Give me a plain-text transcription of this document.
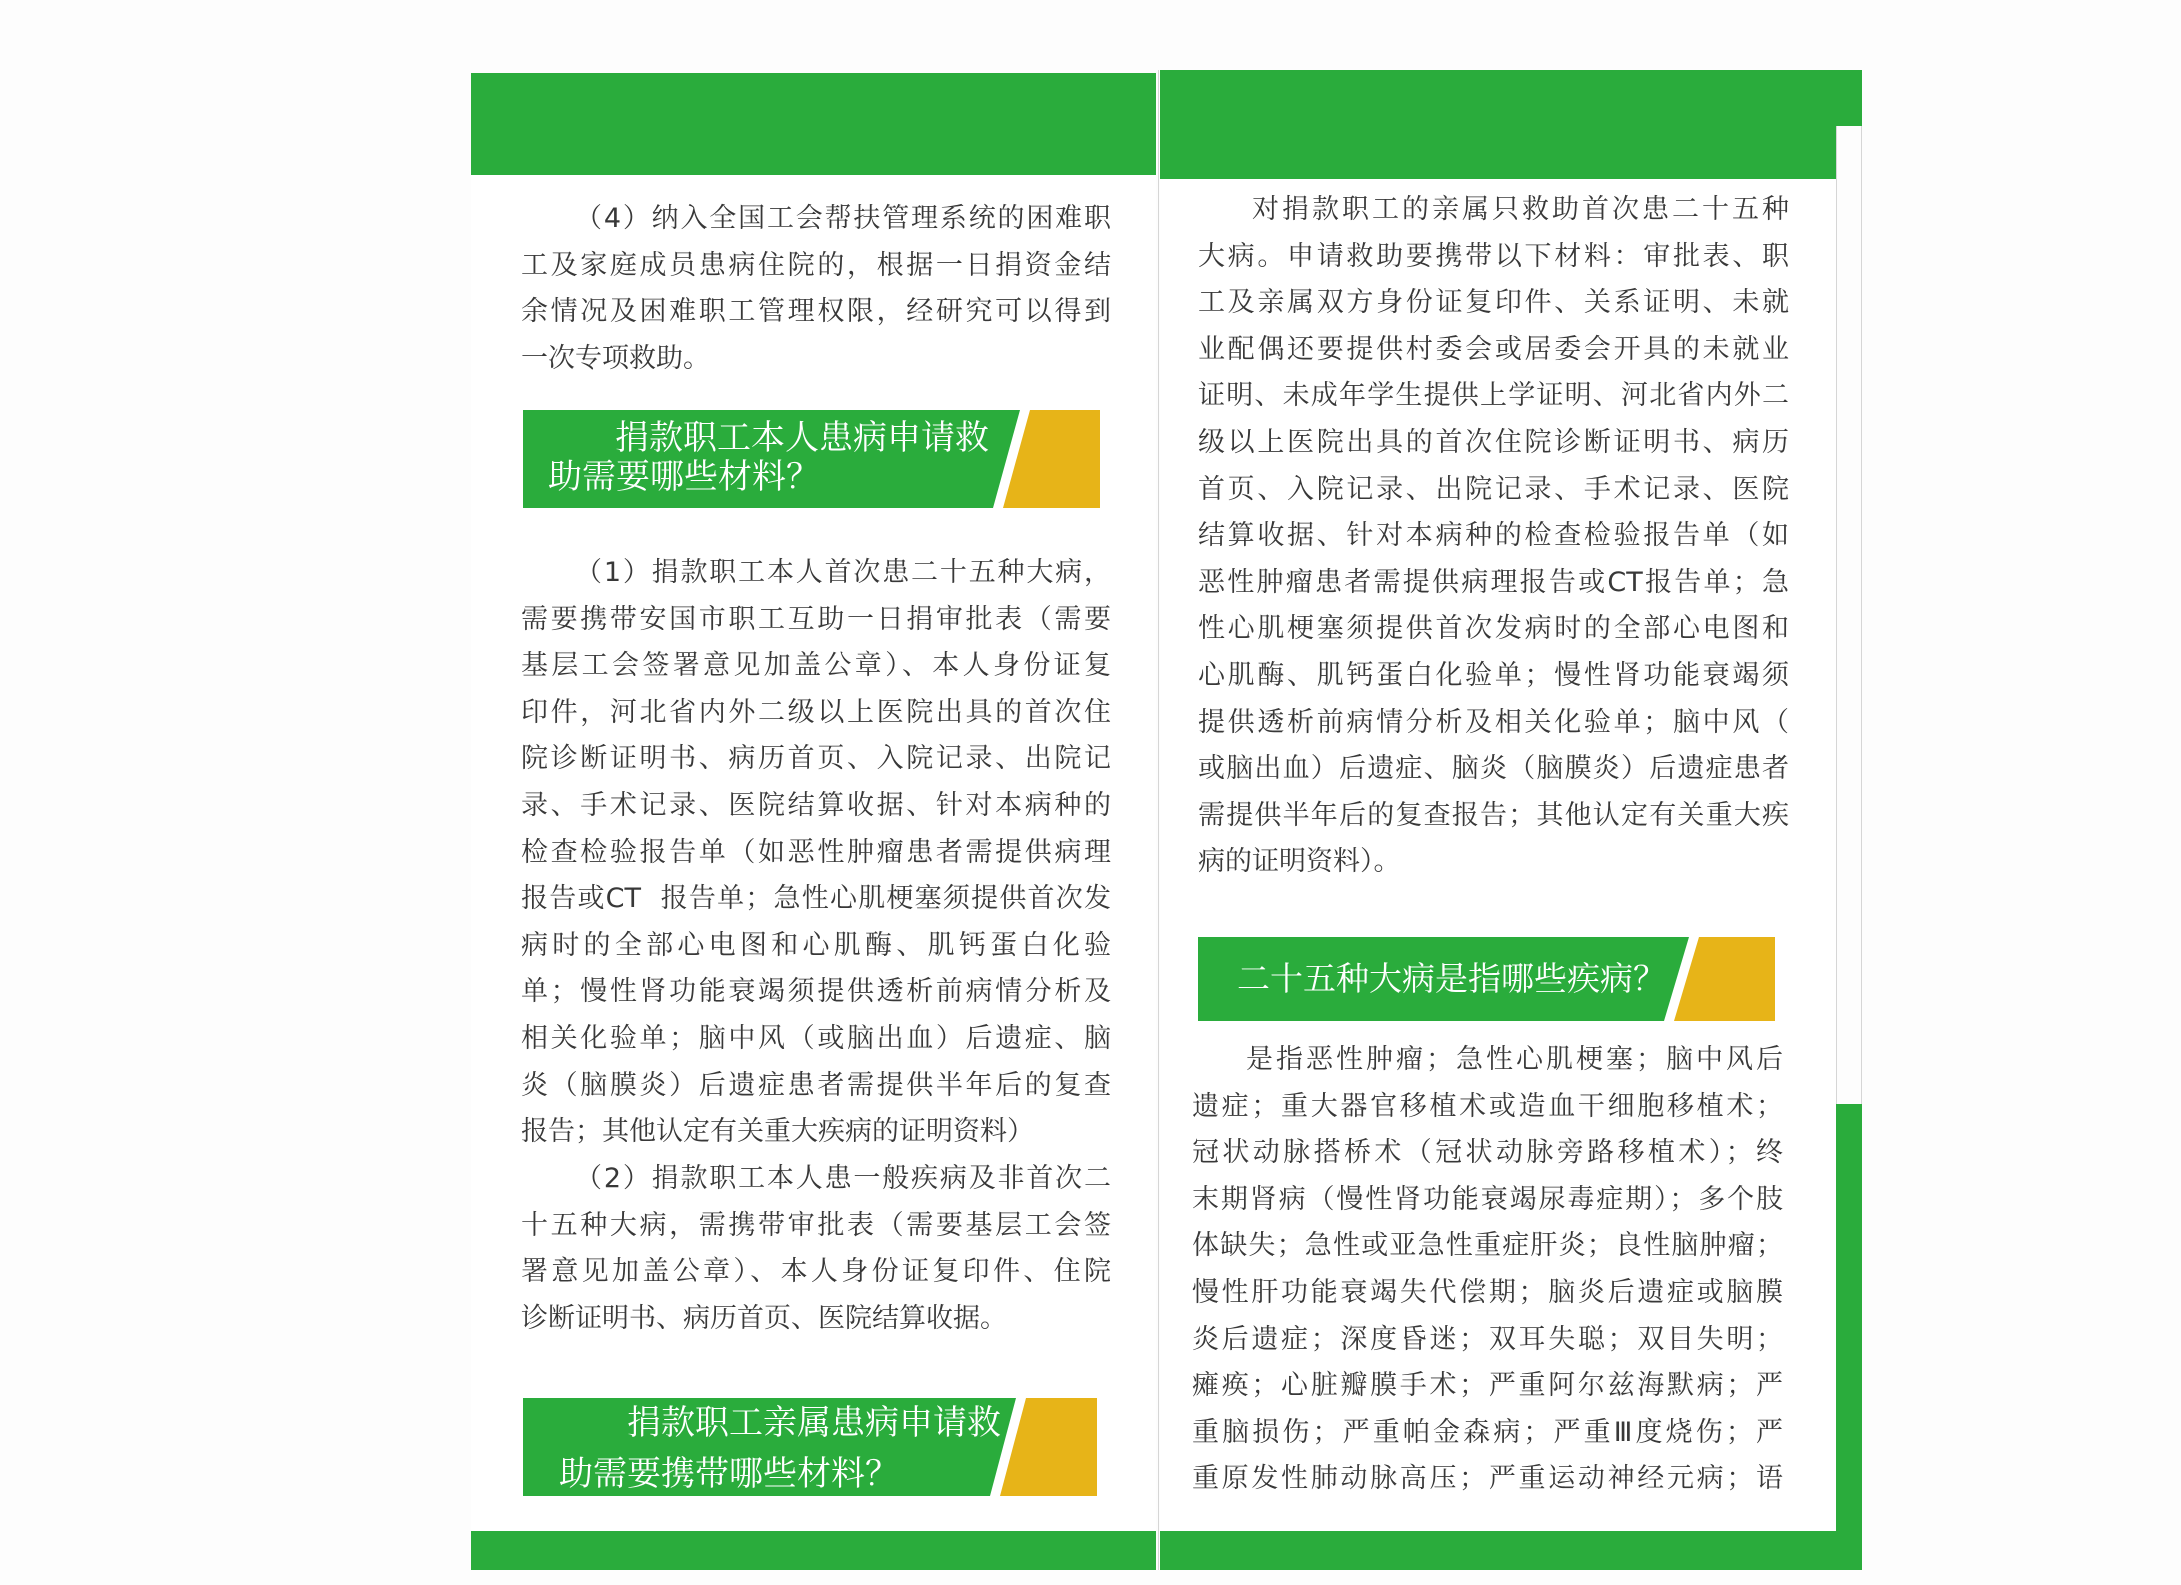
（4）纳入全国工会帮扶管理系统的困难职
工及家庭成员患病住院的，根据一日捐资金结
余情况及困难职工管理权限，经研究可以得到
一次专项救助。
捐款职工本人患病申请救
助需要哪些材料？
（1）捐款职工本人首次患二十五种大病，
需要携带安国市职工互助一日捐审批表（需要
基层工会签署意见加盖公章）、本人身份证复
印件，河北省内外二级以上医院出具的首次住
院诊断证明书、病历首页、入院记录、出院记
录、手术记录、医院结算收据、针对本病种的
检查检验报告单（如恶性肿瘤患者需提供病理
报告或CT  报告单；急性心肌梗塞须提供首次发
病时的全部心电图和心肌酶、肌钙蛋白化验
单；慢性肾功能衰竭须提供透析前病情分析及
相关化验单；脑中风（或脑出血）后遗症、脑
炎（脑膜炎）后遗症患者需提供半年后的复查
报告；其他认定有关重大疾病的证明资料）
（2）捐款职工本人患一般疾病及非首次二
十五种大病，需携带审批表（需要基层工会签
署意见加盖公章）、本人身份证复印件、住院
诊断证明书、病历首页、医院结算收据。
捐款职工亲属患病申请救
助需要携带哪些材料？
对捐款职工的亲属只救助首次患二十五种
大病。申请救助要携带以下材料：审批表、职
工及亲属双方身份证复印件、关系证明、未就
业配偶还要提供村委会或居委会开具的未就业
证明、未成年学生提供上学证明、河北省内外二
级以上医院出具的首次住院诊断证明书、病历
首页、入院记录、出院记录、手术记录、医院
结算收据、针对本病种的检查检验报告单（如
恶性肿瘤患者需提供病理报告或CT报告单；急
性心肌梗塞须提供首次发病时的全部心电图和
心肌酶、肌钙蛋白化验单；慢性肾功能衰竭须
提供透析前病情分析及相关化验单；脑中风（
或脑出血）后遗症、脑炎（脑膜炎）后遗症患者
需提供半年后的复查报告；其他认定有关重大疾
病的证明资料）。
二十五种大病是指哪些疾病？
是指恶性肿瘤；急性心肌梗塞；脑中风后
遗症；重大器官移植术或造血干细胞移植术；
冠状动脉搭桥术（冠状动脉旁路移植术）；终
末期肾病（慢性肾功能衰竭尿毒症期）；多个肢
体缺失；急性或亚急性重症肝炎；良性脑肿瘤；
慢性肝功能衰竭失代偿期；脑炎后遗症或脑膜
炎后遗症；深度昏迷；双耳失聪；双目失明；
瘫痪；心脏瓣膜手术；严重阿尔兹海默病；严
重脑损伤；严重帕金森病；严重Ⅲ度烧伤；严
重原发性肺动脉高压；严重运动神经元病；语
